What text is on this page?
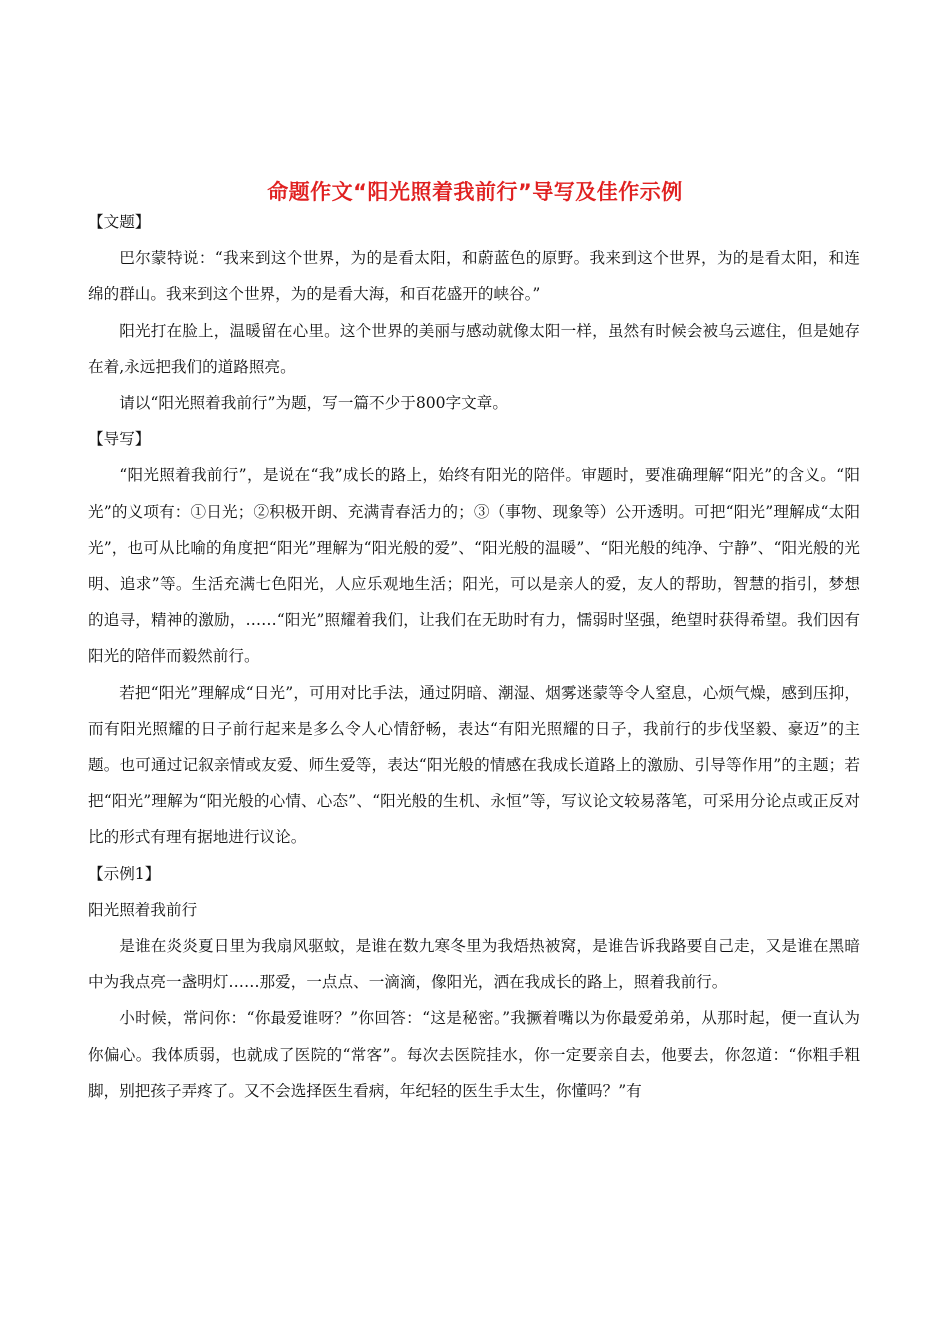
命题作文“阳光照着我前行”导写及佳作示例

【文题】

巴尔蒙特说：“我来到这个世界，为的是看太阳，和蔚蓝色的原野。我来到这个世界，为的是看太阳，和连绵的群山。我来到这个世界，为的是看大海，和百花盛开的峡谷。”

阳光打在脸上，温暖留在心里。这个世界的美丽与感动就像太阳一样，虽然有时候会被乌云遮住，但是她存在着,永远把我们的道路照亮。

请以“阳光照着我前行”为题，写一篇不少于800字文章。

【导写】

“阳光照着我前行”，是说在“我”成长的路上，始终有阳光的陪伴。审题时，要准确理解“阳光”的含义。“阳光”的义项有：①日光；②积极开朗、充满青春活力的；③（事物、现象等）公开透明。可把“阳光”理解成“太阳光”，也可从比喻的角度把“阳光”理解为“阳光般的爱”、“阳光般的温暖”、“阳光般的纯净、宁静”、“阳光般的光明、追求”等。生活充满七色阳光，人应乐观地生活；阳光，可以是亲人的爱，友人的帮助，智慧的指引，梦想的追寻，精神的激励，……“阳光”照耀着我们，让我们在无助时有力，懦弱时坚强，绝望时获得希望。我们因有阳光的陪伴而毅然前行。

若把“阳光”理解成“日光”，可用对比手法，通过阴暗、潮湿、烟雾迷蒙等令人窒息，心烦气燥，感到压抑，而有阳光照耀的日子前行起来是多么令人心情舒畅，表达“有阳光照耀的日子，我前行的步伐坚毅、豪迈”的主题。也可通过记叙亲情或友爱、师生爱等，表达“阳光般的情感在我成长道路上的激励、引导等作用”的主题；若把“阳光”理解为“阳光般的心情、心态”、“阳光般的生机、永恒”等，写议论文较易落笔，可采用分论点或正反对比的形式有理有据地进行议论。

【示例1】

阳光照着我前行

是谁在炎炎夏日里为我扇风驱蚊，是谁在数九寒冬里为我焐热被窝，是谁告诉我路要自己走，又是谁在黑暗中为我点亮一盏明灯……那爱，一点点、一滴滴，像阳光，洒在我成长的路上，照着我前行。

小时候，常问你：“你最爱谁呀？”你回答：“这是秘密。”我撅着嘴以为你最爱弟弟，从那时起，便一直认为你偏心。我体质弱，也就成了医院的“常客”。每次去医院挂水，你一定要亲自去，他要去，你忽道：“你粗手粗脚，别把孩子弄疼了。又不会选择医生看病，年纪轻的医生手太生，你懂吗？”有
